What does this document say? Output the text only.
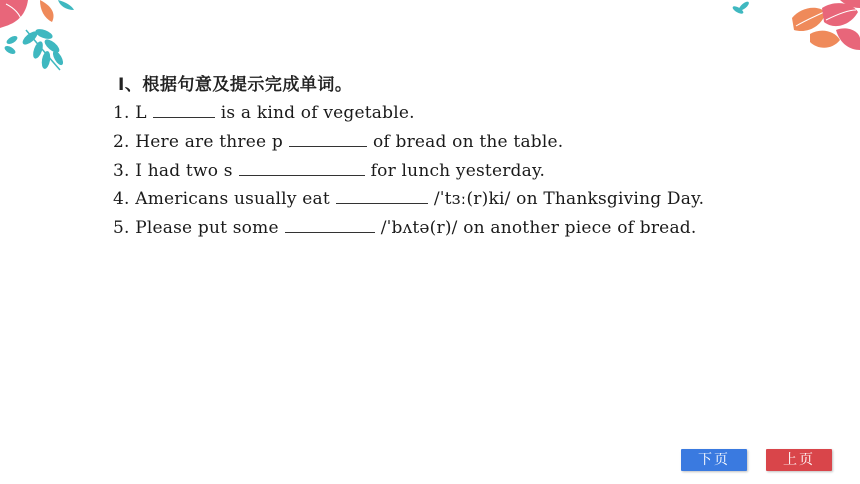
Ⅰ、根据句意及提示完成单词。
1. L	is a kind of vegetable.
2. Here are three p	of bread on the table.
3. I had two s	for lunch yesterday.
4. Americans usually eat	/ˈtɜː(r)ki/ on Thanksgiving Day.
5. Please put some	/ˈbʌtə(r)/ on another piece of bread.
下页	上页
